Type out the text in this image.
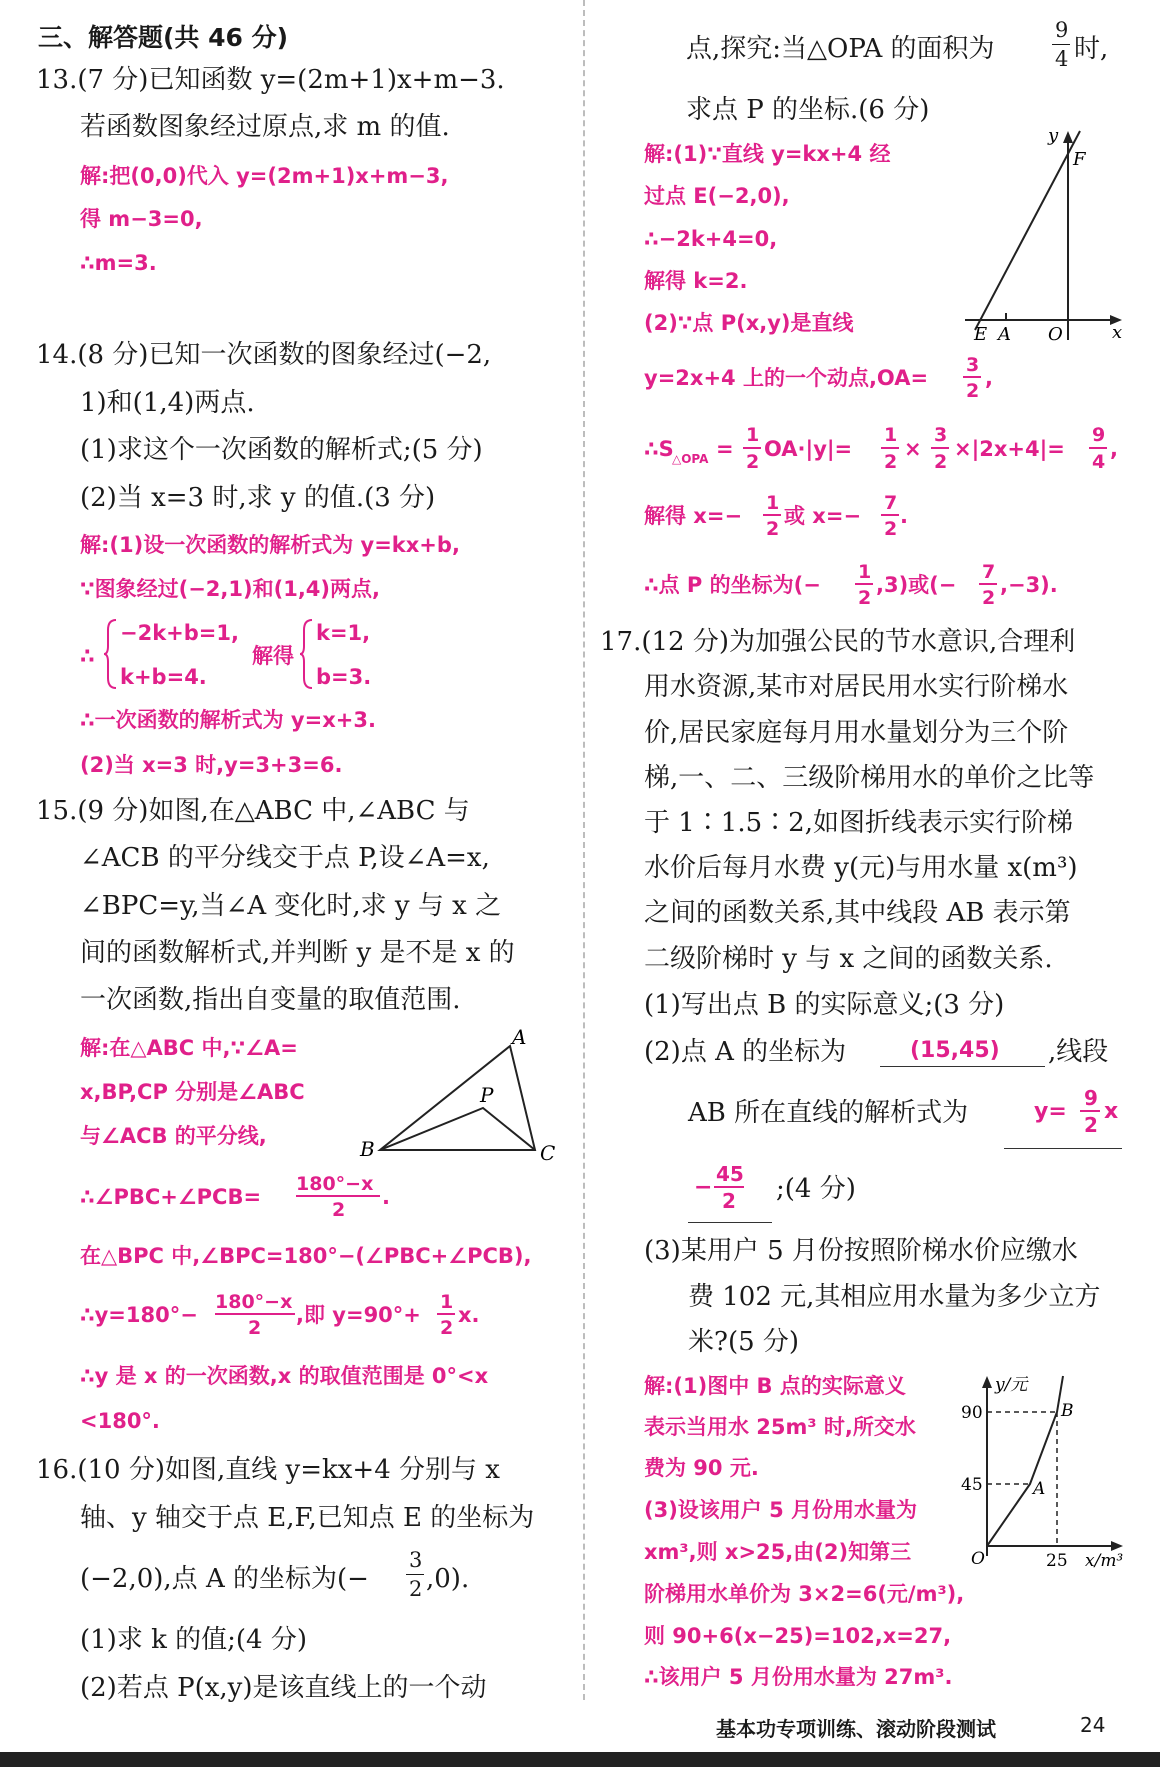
三、解答题(共 46 分)
13.(7 分)已知函数 y=(2m+1)x+m−3.
若函数图象经过原点,求 m 的值.
解:把(0,0)代入 y=(2m+1)x+m−3,
得 m−3=0,
∴m=3.
14.(8 分)已知一次函数的图象经过(−2,
1)和(1,4)两点.
(1)求这个一次函数的解析式;(5 分)
(2)当 x=3 时,求 y 的值.(3 分)
解:(1)设一次函数的解析式为 y=kx+b,
∵图象经过(−2,1)和(1,4)两点,
∴
−2k+b=1,
k+b=4.
解得
k=1,
b=3.
∴一次函数的解析式为 y=x+3.
(2)当 x=3 时,y=3+3=6.
15.(9 分)如图,在△ABC 中,∠ABC 与
∠ACB 的平分线交于点 P,设∠A=x,
∠BPC=y,当∠A 变化时,求 y 与 x 之
间的函数解析式,并判断 y 是不是 x 的
一次函数,指出自变量的取值范围.
解:在△ABC 中,∵∠A=
x,BP,CP 分别是∠ABC
与∠ACB 的平分线,
A
B	C
P
∴∠PBC+∠PCB=
180°−x
2
.
在△BPC 中,∠BPC=180°−(∠PBC+∠PCB),
∴y=180°−
180°−x
2
,即 y=90°+
1
2
x.
∴y 是 x 的一次函数,x 的取值范围是 0°<x
<180°.
16.(10 分)如图,直线 y=kx+4 分别与 x
轴、y 轴交于点 E,F,已知点 E 的坐标为
(−2,0),点 A 的坐标为(−
3
2 ,0).
(1)求 k 的值;(4 分)
(2)若点 P(x,y)是该直线上的一个动
点,探究:当△OPA 的面积为
9
4 时,
求点 P 的坐标.(6 分)
解:(1)∵直线 y=kx+4 经
过点 E(−2,0),
∴−2k+4=0,
解得 k=2.
(2)∵点 P(x,y)是直线
y
F
E A O	x
y=2x+4 上的一个动点,OA=
3
2
,
∴S
△OPA =
1
2
OA·|y|=
1
2
×
3
2
×|2x+4|=
9
4
,
解得 x=−
1
2
或 x=−
7
2
.
∴点 P 的坐标为(−
1
2
,3)或(−
7
2
,−3).
17.(12 分)为加强公民的节水意识,合理利
用水资源,某市对居民用水实行阶梯水
价,居民家庭每月用水量划分为三个阶
梯,一、二、三级阶梯用水的单价之比等
于 1∶1.5∶2,如图折线表示实行阶梯
水价后每月水费 y(元)与用水量 x(m³)
之间的函数关系,其中线段 AB 表示第
二级阶梯时 y 与 x 之间的函数关系.
(1)写出点 B 的实际意义;(3 分)
(2)点 A 的坐标为	(15,45) ,线段
AB 所在直线的解析式为	y=
9
2
x
−
45
2 ;(4 分)
(3)某用户 5 月份按照阶梯水价应缴水
费 102 元,其相应用水量为多少立方
米?(5 分)
解:(1)图中 B 点的实际意义
表示当用水 25m³ 时,所交水
费为 90 元.
(3)设该用户 5 月份用水量为
xm³,则 x>25,由(2)知第三
阶梯用水单价为 3×2=6(元/m³),
则 90+6(x−25)=102,x=27,
∴该用户 5 月份用水量为 27m³.
y/元
90
45
B
A
O	25 x/m³
基本功专项训练、滚动阶段测试	24
